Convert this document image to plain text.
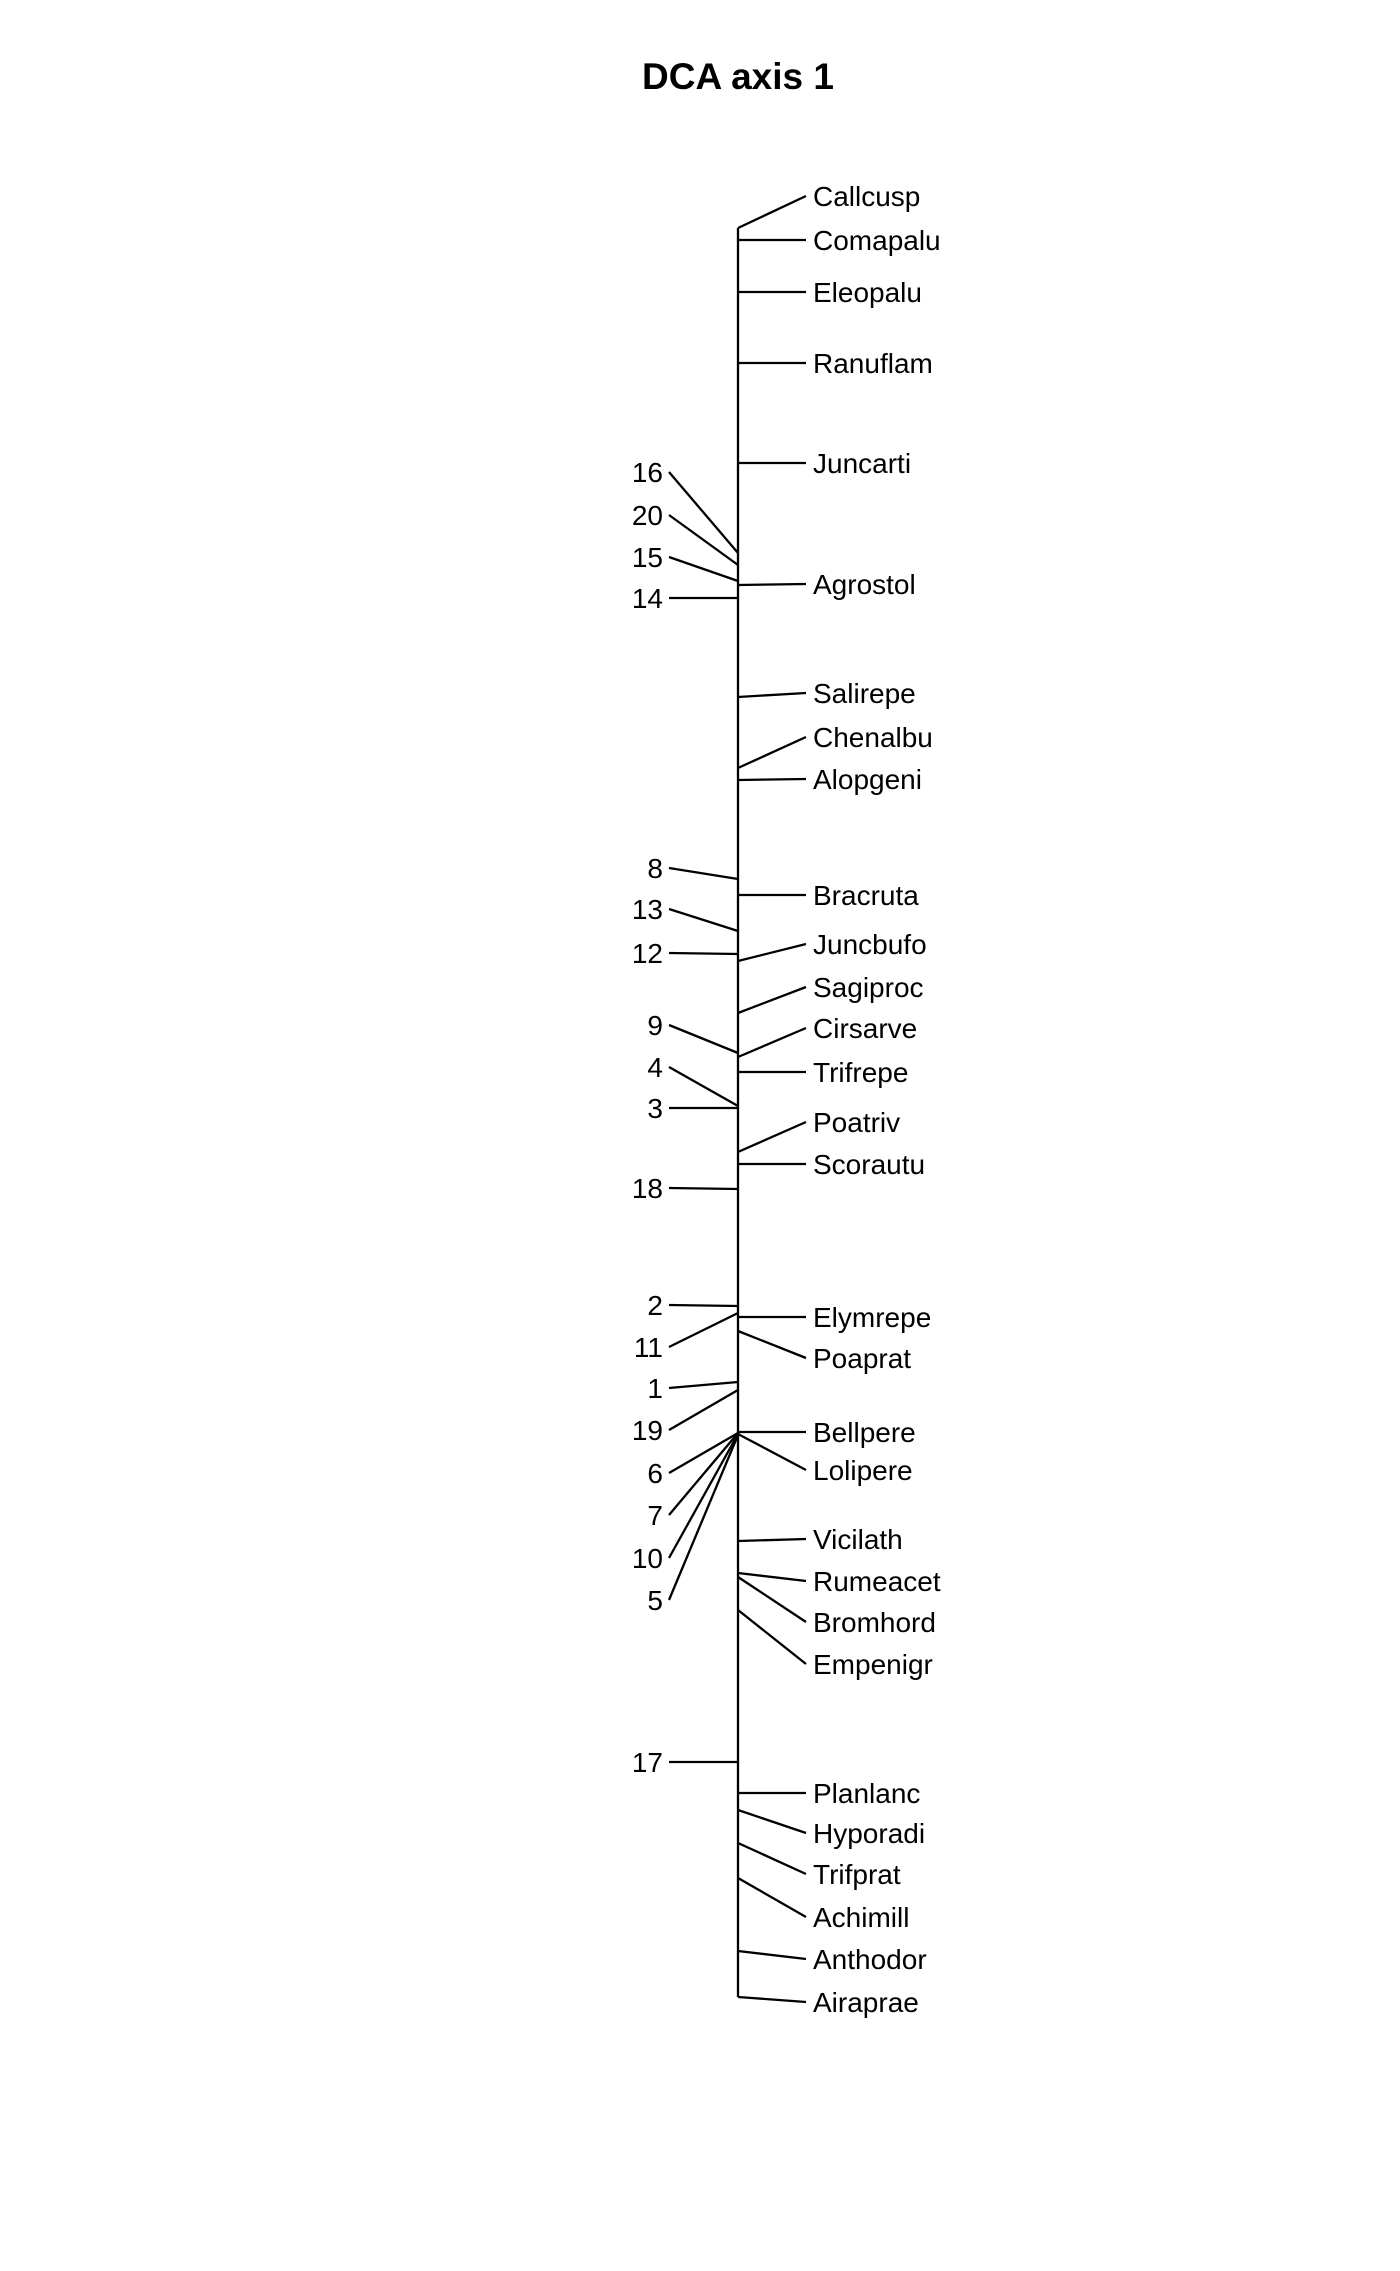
DCA axis 1
Callcusp
Comapalu
Eleopalu
Ranuflam
Juncarti
Agrostol
Salirepe
Chenalbu
Alopgeni
Bracruta
Juncbufo
Sagiproc
Cirsarve
Trifrepe
Poatriv
Scorautu
Elymrepe
Poaprat
Bellpere
Lolipere
Vicilath
Rumeacet
Bromhord
Empenigr
Planlanc
Hyporadi
Trifprat
Achimill
Anthodor
Airaprae
16
20
15
14
8
13
12
9
4
3
18
2
11
1
19
6
7
10
5
17
